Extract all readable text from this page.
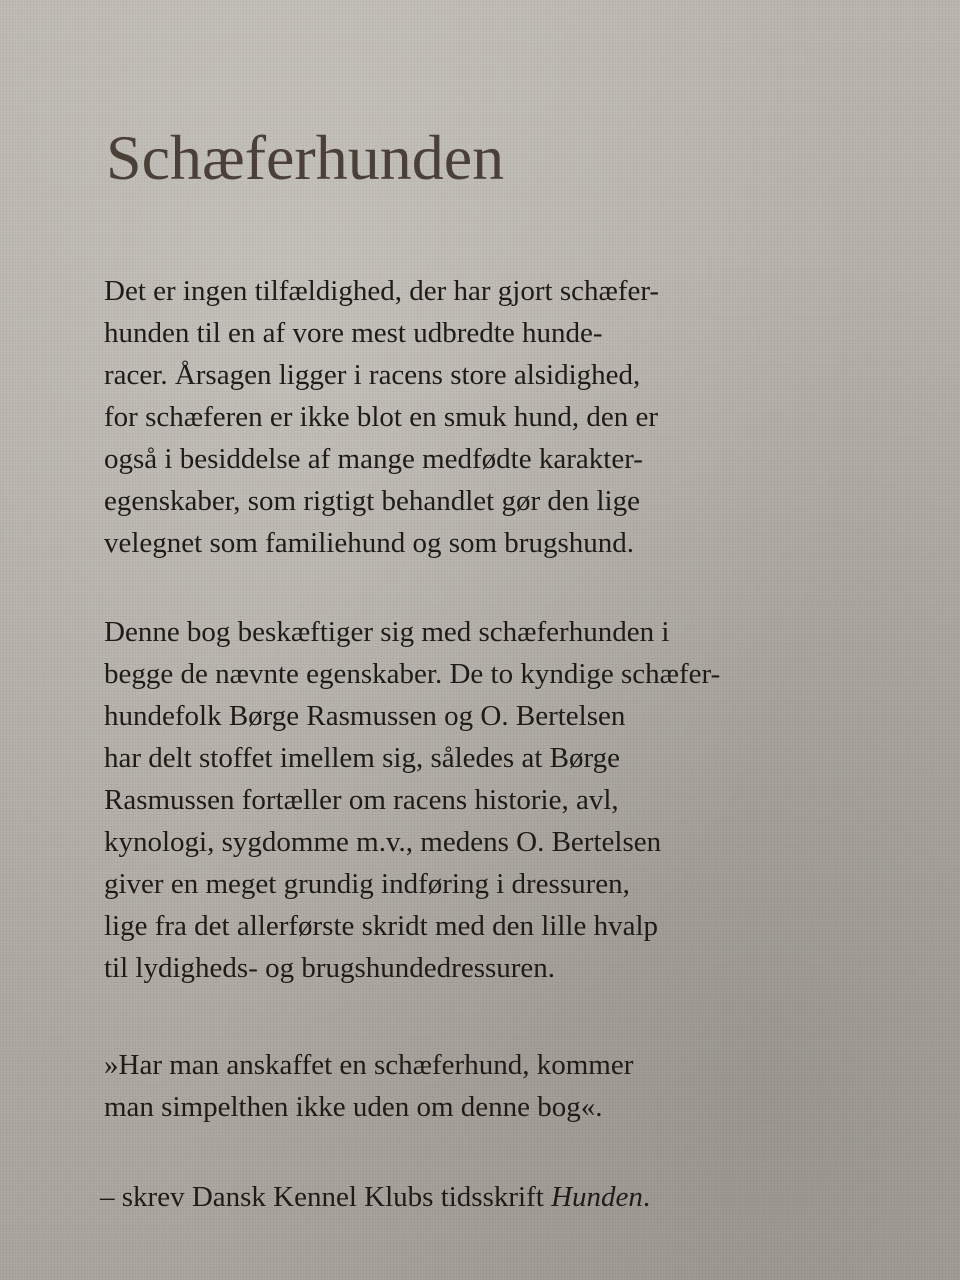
Schæferhunden

Det er ingen tilfældighed, der har gjort schæfer-

hunden til en af vore mest udbredte hunde-

racer. Årsagen ligger i racens store alsidighed,

for schæferen er ikke blot en smuk hund, den er

også i besiddelse af mange medfødte karakter-

egenskaber, som rigtigt behandlet gør den lige

velegnet som familiehund og som brugshund.

Denne bog beskæftiger sig med schæferhunden i

begge de nævnte egenskaber. De to kyndige schæfer-

hundefolk Børge Rasmussen og O. Bertelsen

har delt stoffet imellem sig, således at Børge

Rasmussen fortæller om racens historie, avl,

kynologi, sygdomme m.v., medens O. Bertelsen

giver en meget grundig indføring i dressuren,

lige fra det allerførste skridt med den lille hvalp

til lydigheds- og brugshundedressuren.

»Har man anskaffet en schæferhund, kommer

man simpelthen ikke uden om denne bog«.

– skrev Dansk Kennel Klubs tidsskrift Hunden.
